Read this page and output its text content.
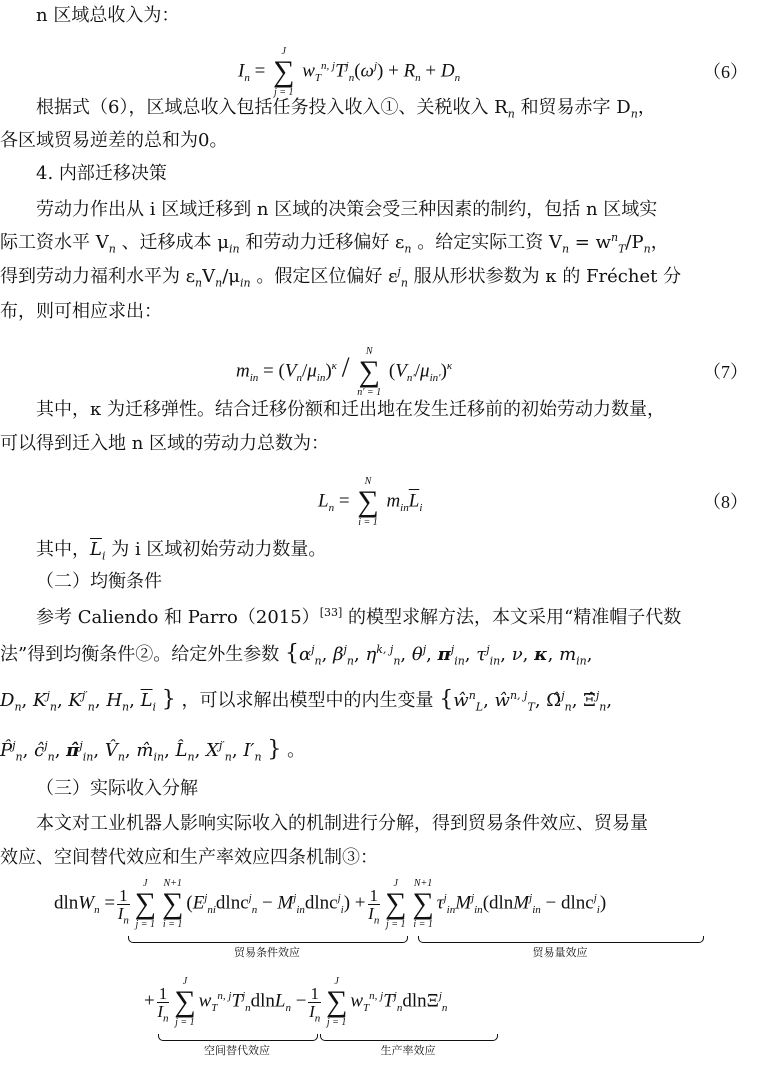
n 区域总收入为：
$I_n$ =
J
∑
j = 1
$w_T^{n, j}T^j_n(\omega^j) + R_n + D_n$	（6）
根据式（6），区域总收入包括任务投入收入①、关税收入 $R_n$ 和贸易赤字 $D_n$，
各区域贸易逆差的总和为0。
4. 内部迁移决策
劳动力作出从 i 区域迁移到 n 区域的决策会受三种因素的制约，包括 n 区域实
际工资水平 $V_n$ 、迁移成本 $\mu_{in}$ 和劳动力迁移偏好 $\varepsilon_n$ 。给定实际工资 $V_n = w^n_T/P_n$，
得到劳动力福利水平为 $\varepsilon_nV_n/\mu_{in}$ 。假定区位偏好 $\varepsilon^j_n$ 服从形状参数为 κ 的 Fréchet 分
布，则可相应求出：
$m_{in} = (V_n/\mu_{in})^\kappa$ /
N
∑
n′ = 1
$(V_{n'}/\mu_{in'})^\kappa$	（7）
其中，κ 为迁移弹性。结合迁移份额和迁出地在发生迁移前的初始劳动力数量，
可以得到迁入地 n 区域的劳动力总数为：
$L_n$ =
N
∑
i = 1
$m_{in}\overline{L}_i$	（8）
其中，$\overline{L}_i$ 为 i 区域初始劳动力数量。
（二）均衡条件
参考 Caliendo 和 Parro（2015）[33] 的模型求解方法，本文采用“精准帽子代数
法”得到均衡条件②。给定外生参数 {$\alpha^j_n$, $\beta^j_n$, $\eta^{k, j}_n$, $\theta^j$, $\pi^j_{in}$, $\tau^j_{in}$, ν, κ, $m_{in}$,
$D_n$, $K^j_n$, $K^{j'}_n$, $H_n$, $\overline{L}_i$ } ，可以求解出模型中的内生变量 {$ŵ^n_L$, $ŵ^{n, j}_T$, Ω̂$^j_n$, Ξ̂$^j_n$,
P̂$^j_n$, $ĉ^j_n$, π̂$^j_{in}$, $V̂_n$, $m̂_{in}$, $L̂_n$, $X^{j'}_n$, $I'_n$ } 。
（三）实际收入分解
本文对工业机器人影响实际收入的机制进行分解，得到贸易条件效应、贸易量
效应、空间替代效应和生产率效应四条机制③：
$dlnW_n = \frac{1}{I_n}$
J
∑
j = 1
N+1
∑
i = 1
$(E^j_{ni}dlnc^j_n - M^j_{in}dlnc^j_i) + \frac{1}{I_n}$
J
∑
j = 1
N+1
∑
i = 1
$\tau^j_{in}M^j_{in}(dlnM^j_{in} - dlnc^j_i)$
贸易条件效应	贸易量效应
+ $\frac{1}{I_n}$
J
∑
j = 1
$w_T^{n, j}T^j_ndlnL_n - \frac{1}{I_n}$
J
∑
j = 1
$w_T^{n, j}T^j_ndln\Xi^j_n$
空间替代效应	生产率效应
